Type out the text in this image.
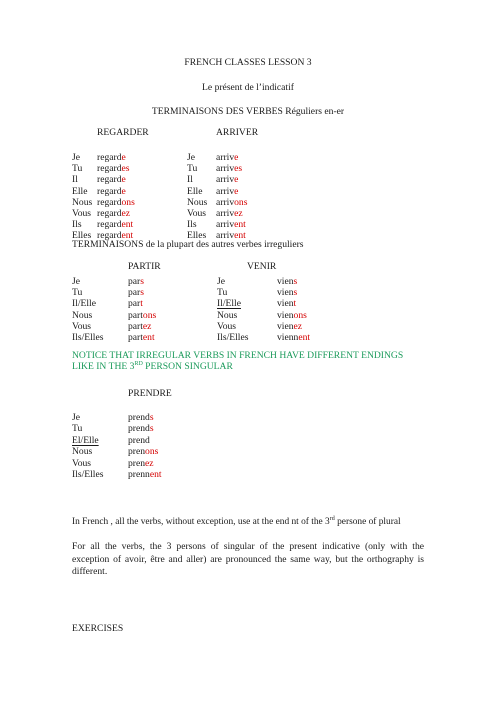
FRENCH CLASSES LESSON 3
Le présent de l’indicatif
TERMINAISONS DES VERBES Réguliers en-er
REGARDER	ARRIVER
Je regarde	Je arrive
Tu regardes	Tu arrives
Il regarde	Il arrive
Elle regarde	Elle arrive
Nous regardons	Nous arrivons
Vous regardez	Vous arrivez
Ils regardent	Ils arrivent
Elles regardent	Elles arrivent
TERMINAISONS de la plupart des autres verbes irreguliers
PARTIR	VENIR
Je	pars	Je	viens
Tu	pars	Tu	viens
Il/Elle	part	Il/Elle	vient
Nous	partons	Nous	vienons
Vous	partez	Vous	vienez
Ils/Elles	partent	Ils/Elles	viennent
NOTICE THAT IRREGULAR VERBS IN FRENCH HAVE DIFFERENT ENDINGS
LIKE IN THE 3RD PERSON SINGULAR
PRENDRE
Je	prends
Tu	prends
El/Elle	prend
Nous	prenons
Vous	prenez
Ils/Elles	prennent
In French , all the verbs, without exception, use at the end nt of the 3rd persone of plural
For all the verbs, the 3 persons of singular of the present indicative (only with the exception of avoir, être and aller) are pronounced the same way, but the orthography is different.
EXERCISES
